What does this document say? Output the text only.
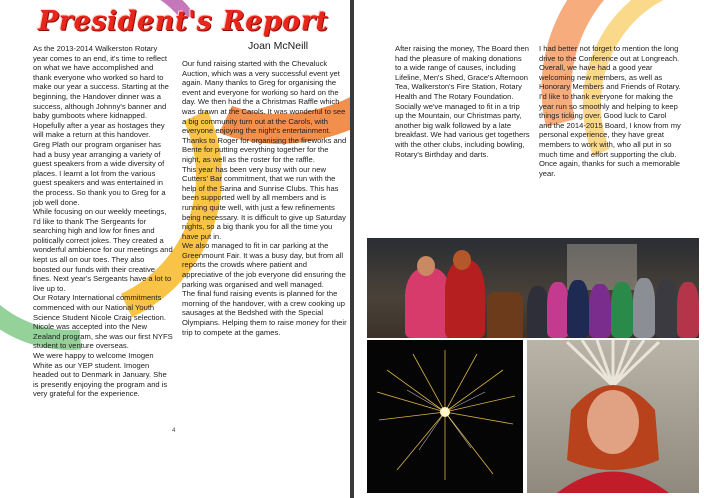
President's Report
Joan McNeill

As the 2013-2014 Walkerston Rotary year comes to an end, it's time to reflect on what we have accomplished and thank everyone who worked so hard to make our year a success. Starting at the beginning, the Handover dinner was a success, although Johnny's banner and baby gumboots where kidnapped. Hopefully after a year as hostages they will make a return at this handover.

Greg Plath our program organiser has had a busy year arranging a variety of guest speakers from a wide diversity of places. I learnt a lot from the various guest speakers and was entertained in the process. So thank you to Greg for a job well done.

While focusing on our weekly meetings, I'd like to thank The Sergeants for searching high and low for fines and politically correct jokes. They created a wonderful ambience for our meetings and kept us all on our toes. They also boosted our funds with their creative fines. Next year's Sergeants have a lot to live up to.

Our Rotary International commitments commenced with our National Youth Science Student Nicole Craig selection. Nicole was accepted into the New Zealand program, she was our first NYFS student to venture overseas.

We were happy to welcome Imogen White as our YEP student. Imogen headed out to Denmark in January. She is presently enjoying the program and is very grateful for the experience.

Our fund raising started with the Chevaluck Auction, which was a very successful event yet again. Many thanks to Greg for organising the event and everyone for working so hard on the day. We then had the a Christmas Raffle which was drawn at the Carols. It was wonderful to see a big community turn out at the Carols, with everyone enjoying the night's entertainment. Thanks to Roger for organising the fireworks and Bente for putting everything together for the night, as well as the roster for the raffle.

This year has been very busy with our new Cutters' Bar commitment, that we run with the help of the Sarina and Sunrise Clubs. This has been supported well by all members and is running quite well, with just a few refinements being necessary. It is difficult to give up Saturday nights, so a big thank you for all the time you have put in.

We also managed to fit in car parking at the Greenmount Fair. It was a busy day, but from all reports the crowds where patient and appreciative of the job everyone did ensuring the parking was organised and well managed.

The final fund raising events is planned for the morning of the handover, with a crew cooking up sausages at the Bedshed with the Special Olympians. Helping them to raise money for their trip to compete at the games.

4

After raising the money, The Board then had the pleasure of making donations to a wide range of causes, including Lifeline, Men's Shed, Grace's Afternoon Tea, Walkerston's Fire Station, Rotary Health and The Rotary Foundation.

Socially we've managed to fit in a trip up the Mountain, our Christmas party, another big walk followed by a late breakfast. We had various get togethers with the other clubs, including bowling, Rotary's Birthday and darts.

I had better not forget to mention the long drive to the Conference out at Longreach.

Overall, we have had a good year welcoming new members, as well as Honorary Members and Friends of Rotary.

I'd like to thank everyone for making the year run so smoothly and helping to keep things ticking over. Good luck to Carol and the 2014-2015 Board, I know from my personal experience, they have great members to work with, who all put in so much time and effort supporting the club.

Once again, thanks for such a memorable year.
